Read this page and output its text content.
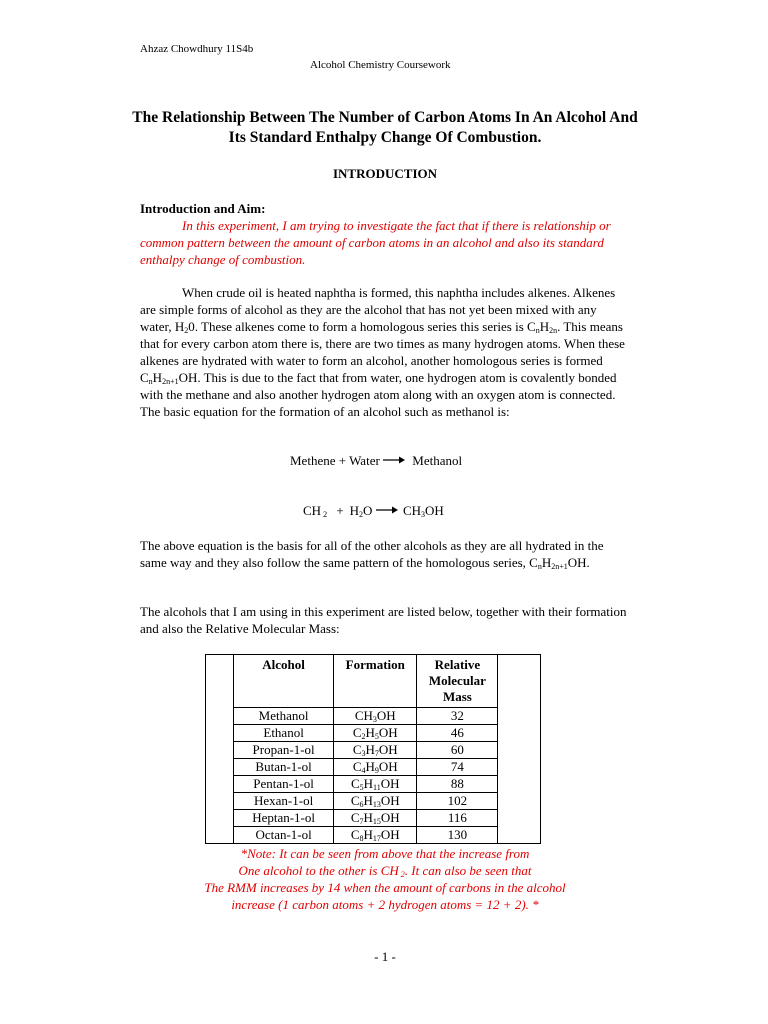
Ahzaz Chowdhury 11S4b
Alcohol Chemistry Coursework
The Relationship Between The Number of Carbon Atoms In An Alcohol And Its Standard Enthalpy Change Of Combustion.
INTRODUCTION
Introduction and Aim:
In this experiment, I am trying to investigate the fact that if there is relationship or common pattern between the amount of carbon atoms in an alcohol and also its standard enthalpy change of combustion.
When crude oil is heated naphtha is formed, this naphtha includes alkenes. Alkenes are simple forms of alcohol as they are the alcohol that has not yet been mixed with any water, $H_20$. These alkenes come to form a homologous series this series is $C_nH_{2n}$. This means that for every carbon atom there is, there are two times as many hydrogen atoms. When these alkenes are hydrated with water to form an alcohol, another homologous series is formed $C_nH_{2n+1}OH$. This is due to the fact that from water, one hydrogen atom is covalently bonded with the methane and also another hydrogen atom along with an oxygen atom is connected. The basic equation for the formation of an alcohol such as methanol is:
Methene + Water	Methanol
CH $_2 + H_2O$  $CH_3OH$
The above equation is the basis for all of the other alcohols as they are all hydrated in the same way and they also follow the same pattern of the homologous series, $C_nH_{2n+1}OH$.
The alcohols that I am using in this experiment are listed below, together with their formation and also the Relative Molecular Mass:
	Alcohol	Formation	Relative Molecular Mass	
	Methanol	$CH_3OH$	32	
	Ethanol	$C_2H_5OH$	46	
	Propan-1-ol	$C_3H_7OH$	60	
	Butan-1-ol	$C_4H_9OH$	74	
	Pentan-1-ol	$C_5H_{11}OH$	88	
	Hexan-1-ol	$C_6H_{13}OH$	102	
	Heptan-1-ol	$C_7H_{15}OH$	116	
	Octan-1-ol	$C_8H_{17}OH$	130	
*Note: It can be seen from above that the increase from
One alcohol to the other is CH $_2$. It can also be seen that
The RMM increases by 14 when the amount of carbons in the alcohol
increase (1 carbon atoms + 2 hydrogen atoms = 12 + 2). *
- 1 -
